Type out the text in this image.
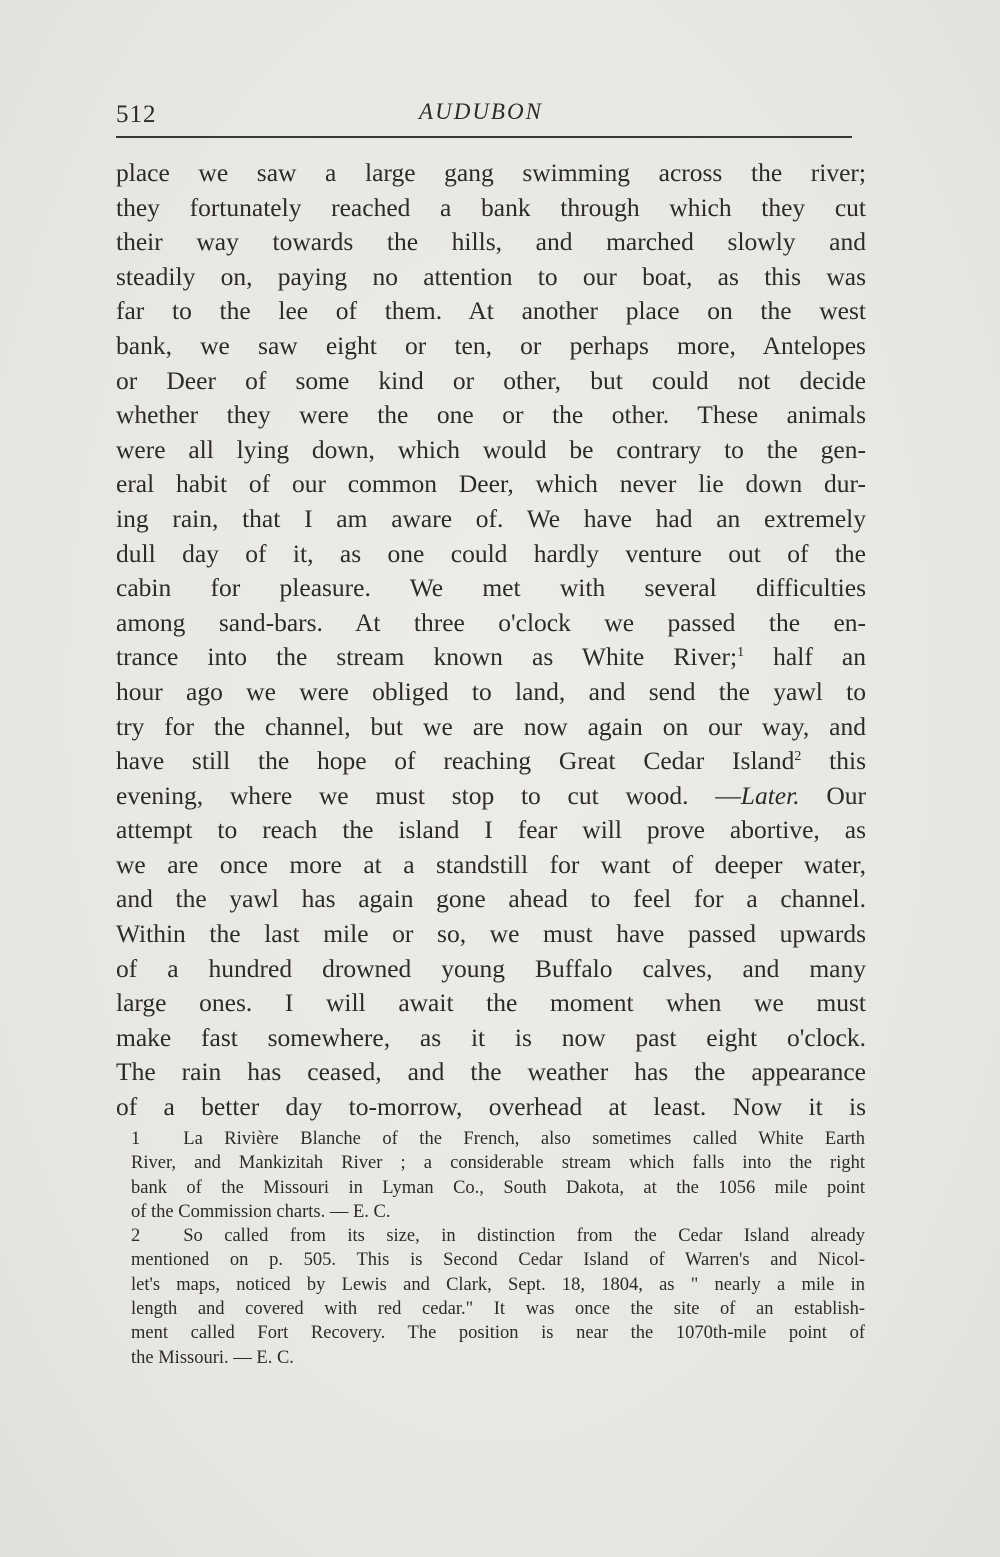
512	AUDUBON
place we saw a large gang swimming across the river;
they fortunately reached a bank through which they cut
their way towards the hills, and marched slowly and
steadily on, paying no attention to our boat, as this was
far to the lee of them. At another place on the west
bank, we saw eight or ten, or perhaps more, Antelopes
or Deer of some kind or other, but could not decide
whether they were the one or the other. These animals
were all lying down, which would be contrary to the gen-
eral habit of our common Deer, which never lie down dur-
ing rain, that I am aware of. We have had an extremely
dull day of it, as one could hardly venture out of the
cabin for pleasure. We met with several difficulties
among sand-bars. At three o'clock we passed the en-
trance into the stream known as White River;$^1$ half an
hour ago we were obliged to land, and send the yawl to
try for the channel, but we are now again on our way, and
have still the hope of reaching Great Cedar Island$^2$ this
evening, where we must stop to cut wood. —Later. Our
attempt to reach the island I fear will prove abortive, as
we are once more at a standstill for want of deeper water,
and the yawl has again gone ahead to feel for a channel.
Within the last mile or so, we must have passed upwards
of a hundred drowned young Buffalo calves, and many
large ones. I will await the moment when we must
make fast somewhere, as it is now past eight o'clock.
The rain has ceased, and the weather has the appearance
of a better day to-morrow, overhead at least. Now it is
1 La Rivière Blanche of the French, also sometimes called White Earth
River, and Mankizitah River ; a considerable stream which falls into the right
bank of the Missouri in Lyman Co., South Dakota, at the 1056 mile point
of the Commission charts. — E. C.
2 So called from its size, in distinction from the Cedar Island already
mentioned on p. 505. This is Second Cedar Island of Warren's and Nicol-
let's maps, noticed by Lewis and Clark, Sept. 18, 1804, as " nearly a mile in
length and covered with red cedar." It was once the site of an establish-
ment called Fort Recovery. The position is near the 1070th-mile point of
the Missouri. — E. C.
